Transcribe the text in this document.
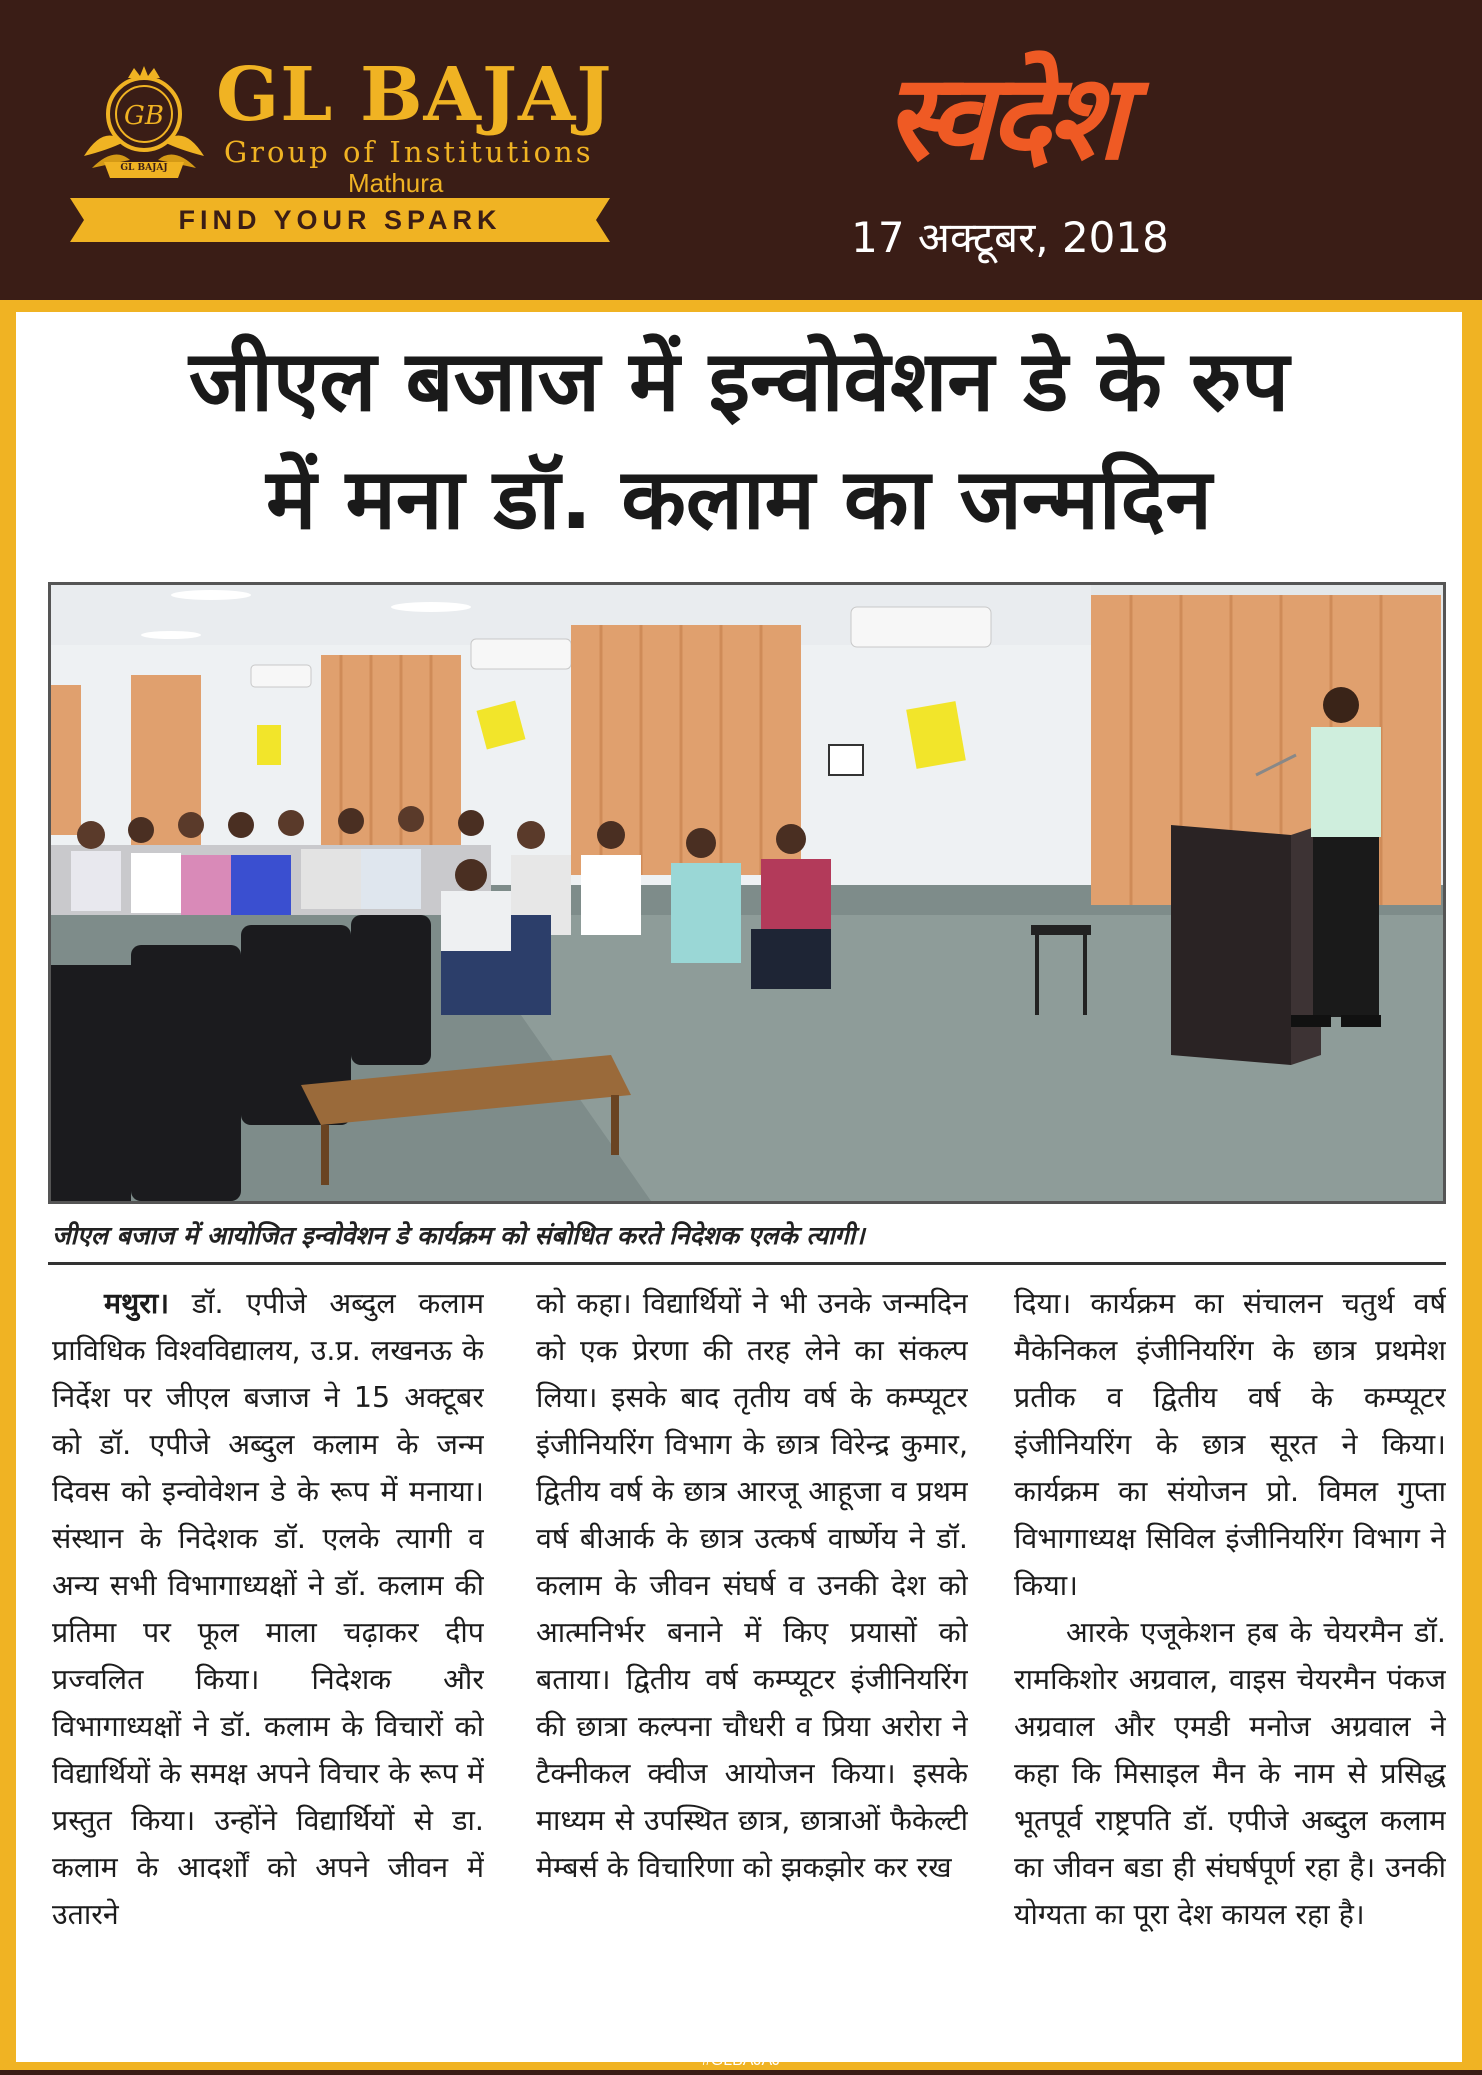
GB
GL BAJAJ
GL BAJAJ
Group of Institutions
Mathura
FIND YOUR SPARK
स्वदेश
17 अक्टूबर, 2018
जीएल बजाज में इन्वोवेशन डे के रुप
में मना डॉ. कलाम का जन्मदिन
जीएल बजाज में आयोजित इन्वोवेशन डे कार्यक्रम को संबोधित करते निदेशक एलके त्यागी।

मथुरा। डॉ. एपीजे अब्दुल कलाम प्राविधिक विश्वविद्यालय, उ.प्र. लखनऊ के निर्देश पर जीएल बजाज ने 15 अक्टूबर को डॉ. एपीजे अब्दुल कलाम के जन्म दिवस को इन्वोवेशन डे के रूप में मनाया। संस्थान के निदेशक डॉ. एलके त्यागी व अन्य सभी विभागाध्यक्षों ने डॉ. कलाम की प्रतिमा पर फूल माला चढ़ाकर दीप प्रज्वलित किया। निदेशक और विभागाध्यक्षों ने डॉ. कलाम के विचारों को विद्यार्थियों के समक्ष अपने विचार के रूप में प्रस्तुत किया। उन्होंने विद्यार्थियों से डा. कलाम के आदर्शों को अपने जीवन में उतारने

को कहा। विद्यार्थियों ने भी उनके जन्मदिन को एक प्रेरणा की तरह लेने का संकल्प लिया। इसके बाद तृतीय वर्ष के कम्प्यूटर इंजीनियरिंग विभाग के छात्र विरेन्द्र कुमार, द्वितीय वर्ष के छात्र आरजू आहूजा व प्रथम वर्ष बीआर्क के छात्र उत्कर्ष वार्ष्णेय ने डॉ. कलाम के जीवन संघर्ष व उनकी देश को आत्मनिर्भर बनाने में किए प्रयासों को बताया। द्वितीय वर्ष कम्प्यूटर इंजीनियरिंग की छात्रा कल्पना चौधरी व प्रिया अरोरा ने टैक्नीकल क्वीज आयोजन किया। इसके माध्यम से उपस्थित छात्र, छात्राओं फैकेल्टी मेम्बर्स के विचारिणा को झकझोर कर रख

दिया। कार्यक्रम का संचालन चतुर्थ वर्ष मैकेनिकल इंजीनियरिंग के छात्र प्रथमेश प्रतीक व द्वितीय वर्ष के कम्प्यूटर इंजीनियरिंग के छात्र सूरत ने किया। कार्यक्रम का संयोजन प्रो. विमल गुप्ता विभागाध्यक्ष सिविल इंजीनियरिंग विभाग ने किया।

आरके एजूकेशन हब के चेयरमैन डॉ. रामकिशोर अग्रवाल, वाइस चेयरमैन पंकज अग्रवाल और एमडी मनोज अग्रवाल ने कहा कि मिसाइल मैन के नाम से प्रसिद्ध भूतपूर्व राष्ट्रपति डॉ. एपीजे अब्दुल कलाम का जीवन बडा ही संघर्षपूर्ण रहा है। उनकी योग्यता का पूरा देश कायल रहा है।

#GLBAJAJ
